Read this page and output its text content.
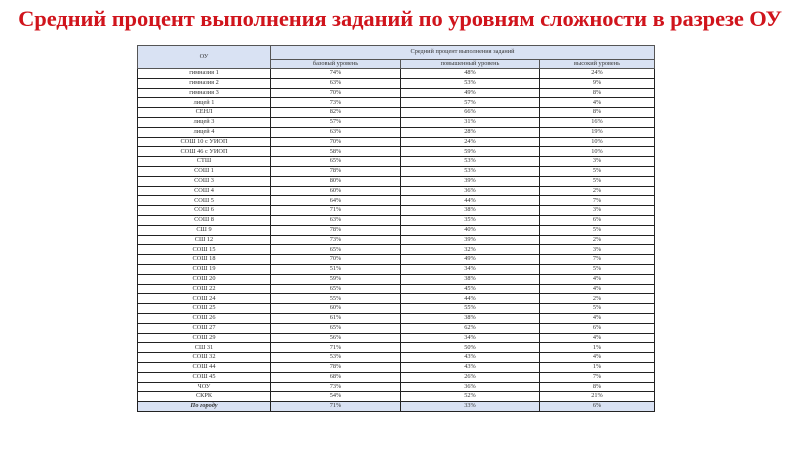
Средний процент выполнения заданий по уровням сложности в разрезе ОУ
ОУ	Средний процент выполнения заданий		
	базовый уровень	повышенный уровень	высокий уровень
гимназия 1	74%	48%	24%
гимназия 2	63%	53%	9%
гимназия 3	70%	49%	8%
лицей 1	73%	57%	4%
СЕНЛ	82%	66%	8%
лицей 3	57%	31%	16%
лицей 4	63%	28%	19%
СОШ 10 с УИОП	70%	24%	10%
СОШ 46 с УИОП	58%	59%	10%
СТШ	65%	53%	3%
СОШ 1	78%	53%	5%
СОШ 3	80%	39%	5%
СОШ 4	60%	36%	2%
СОШ 5	64%	44%	7%
СОШ 6	71%	38%	3%
СОШ 8	63%	35%	6%
СШ 9	78%	40%	5%
СШ 12	73%	39%	2%
СОШ 15	65%	32%	3%
СОШ 18	70%	49%	7%
СОШ 19	51%	34%	5%
СОШ 20	59%	38%	4%
СОШ 22	65%	45%	4%
СОШ 24	55%	44%	2%
СОШ 25	60%	55%	5%
СОШ 26	61%	38%	4%
СОШ 27	65%	62%	6%
СОШ 29	56%	34%	4%
СШ 31	71%	50%	1%
СОШ 32	53%	43%	4%
СОШ 44	78%	43%	1%
СОШ 45	68%	26%	7%
ЧОУ	73%	36%	8%
СКРК	54%	52%	21%
По городу	71%	33%	6%
